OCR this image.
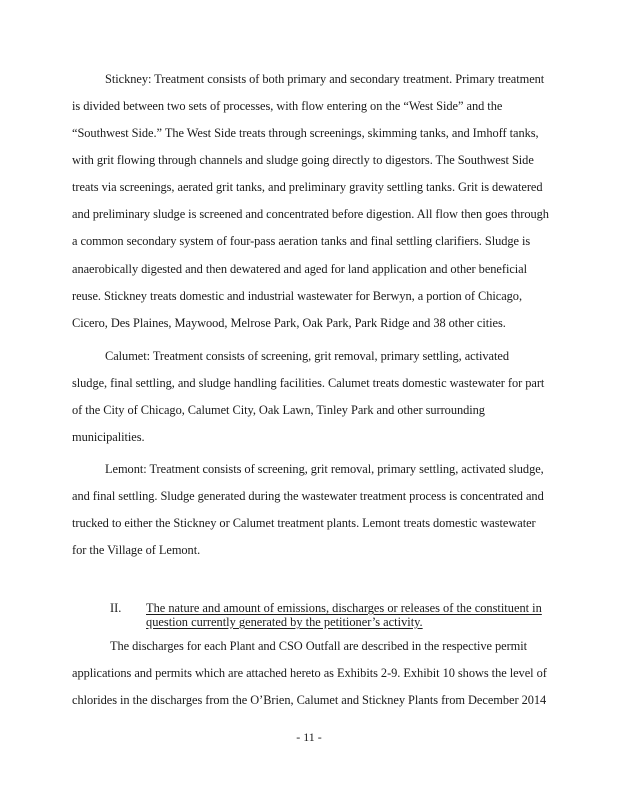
Stickney: Treatment consists of both primary and secondary treatment. Primary treatment
is divided between two sets of processes, with flow entering on the “West Side” and the
“Southwest Side.” The West Side treats through screenings, skimming tanks, and Imhoff tanks,
with grit flowing through channels and sludge going directly to digestors. The Southwest Side
treats via screenings, aerated grit tanks, and preliminary gravity settling tanks. Grit is dewatered
and preliminary sludge is screened and concentrated before digestion. All flow then goes through
a common secondary system of four-pass aeration tanks and final settling clarifiers. Sludge is
anaerobically digested and then dewatered and aged for land application and other beneficial
reuse. Stickney treats domestic and industrial wastewater for Berwyn, a portion of Chicago,
Cicero, Des Plaines, Maywood, Melrose Park, Oak Park, Park Ridge and 38 other cities.
Calumet: Treatment consists of screening, grit removal, primary settling, activated
sludge, final settling, and sludge handling facilities. Calumet treats domestic wastewater for part
of the City of Chicago, Calumet City, Oak Lawn, Tinley Park and other surrounding
municipalities.
Lemont: Treatment consists of screening, grit removal, primary settling, activated sludge,
and final settling. Sludge generated during the wastewater treatment process is concentrated and
trucked to either the Stickney or Calumet treatment plants. Lemont treats domestic wastewater
for the Village of Lemont.
II. The nature and amount of emissions, discharges or releases of the constituent in
question currently generated by the petitioner’s activity.
The discharges for each Plant and CSO Outfall are described in the respective permit
applications and permits which are attached hereto as Exhibits 2-9. Exhibit 10 shows the level of
chlorides in the discharges from the O’Brien, Calumet and Stickney Plants from December 2014
- 11 -
